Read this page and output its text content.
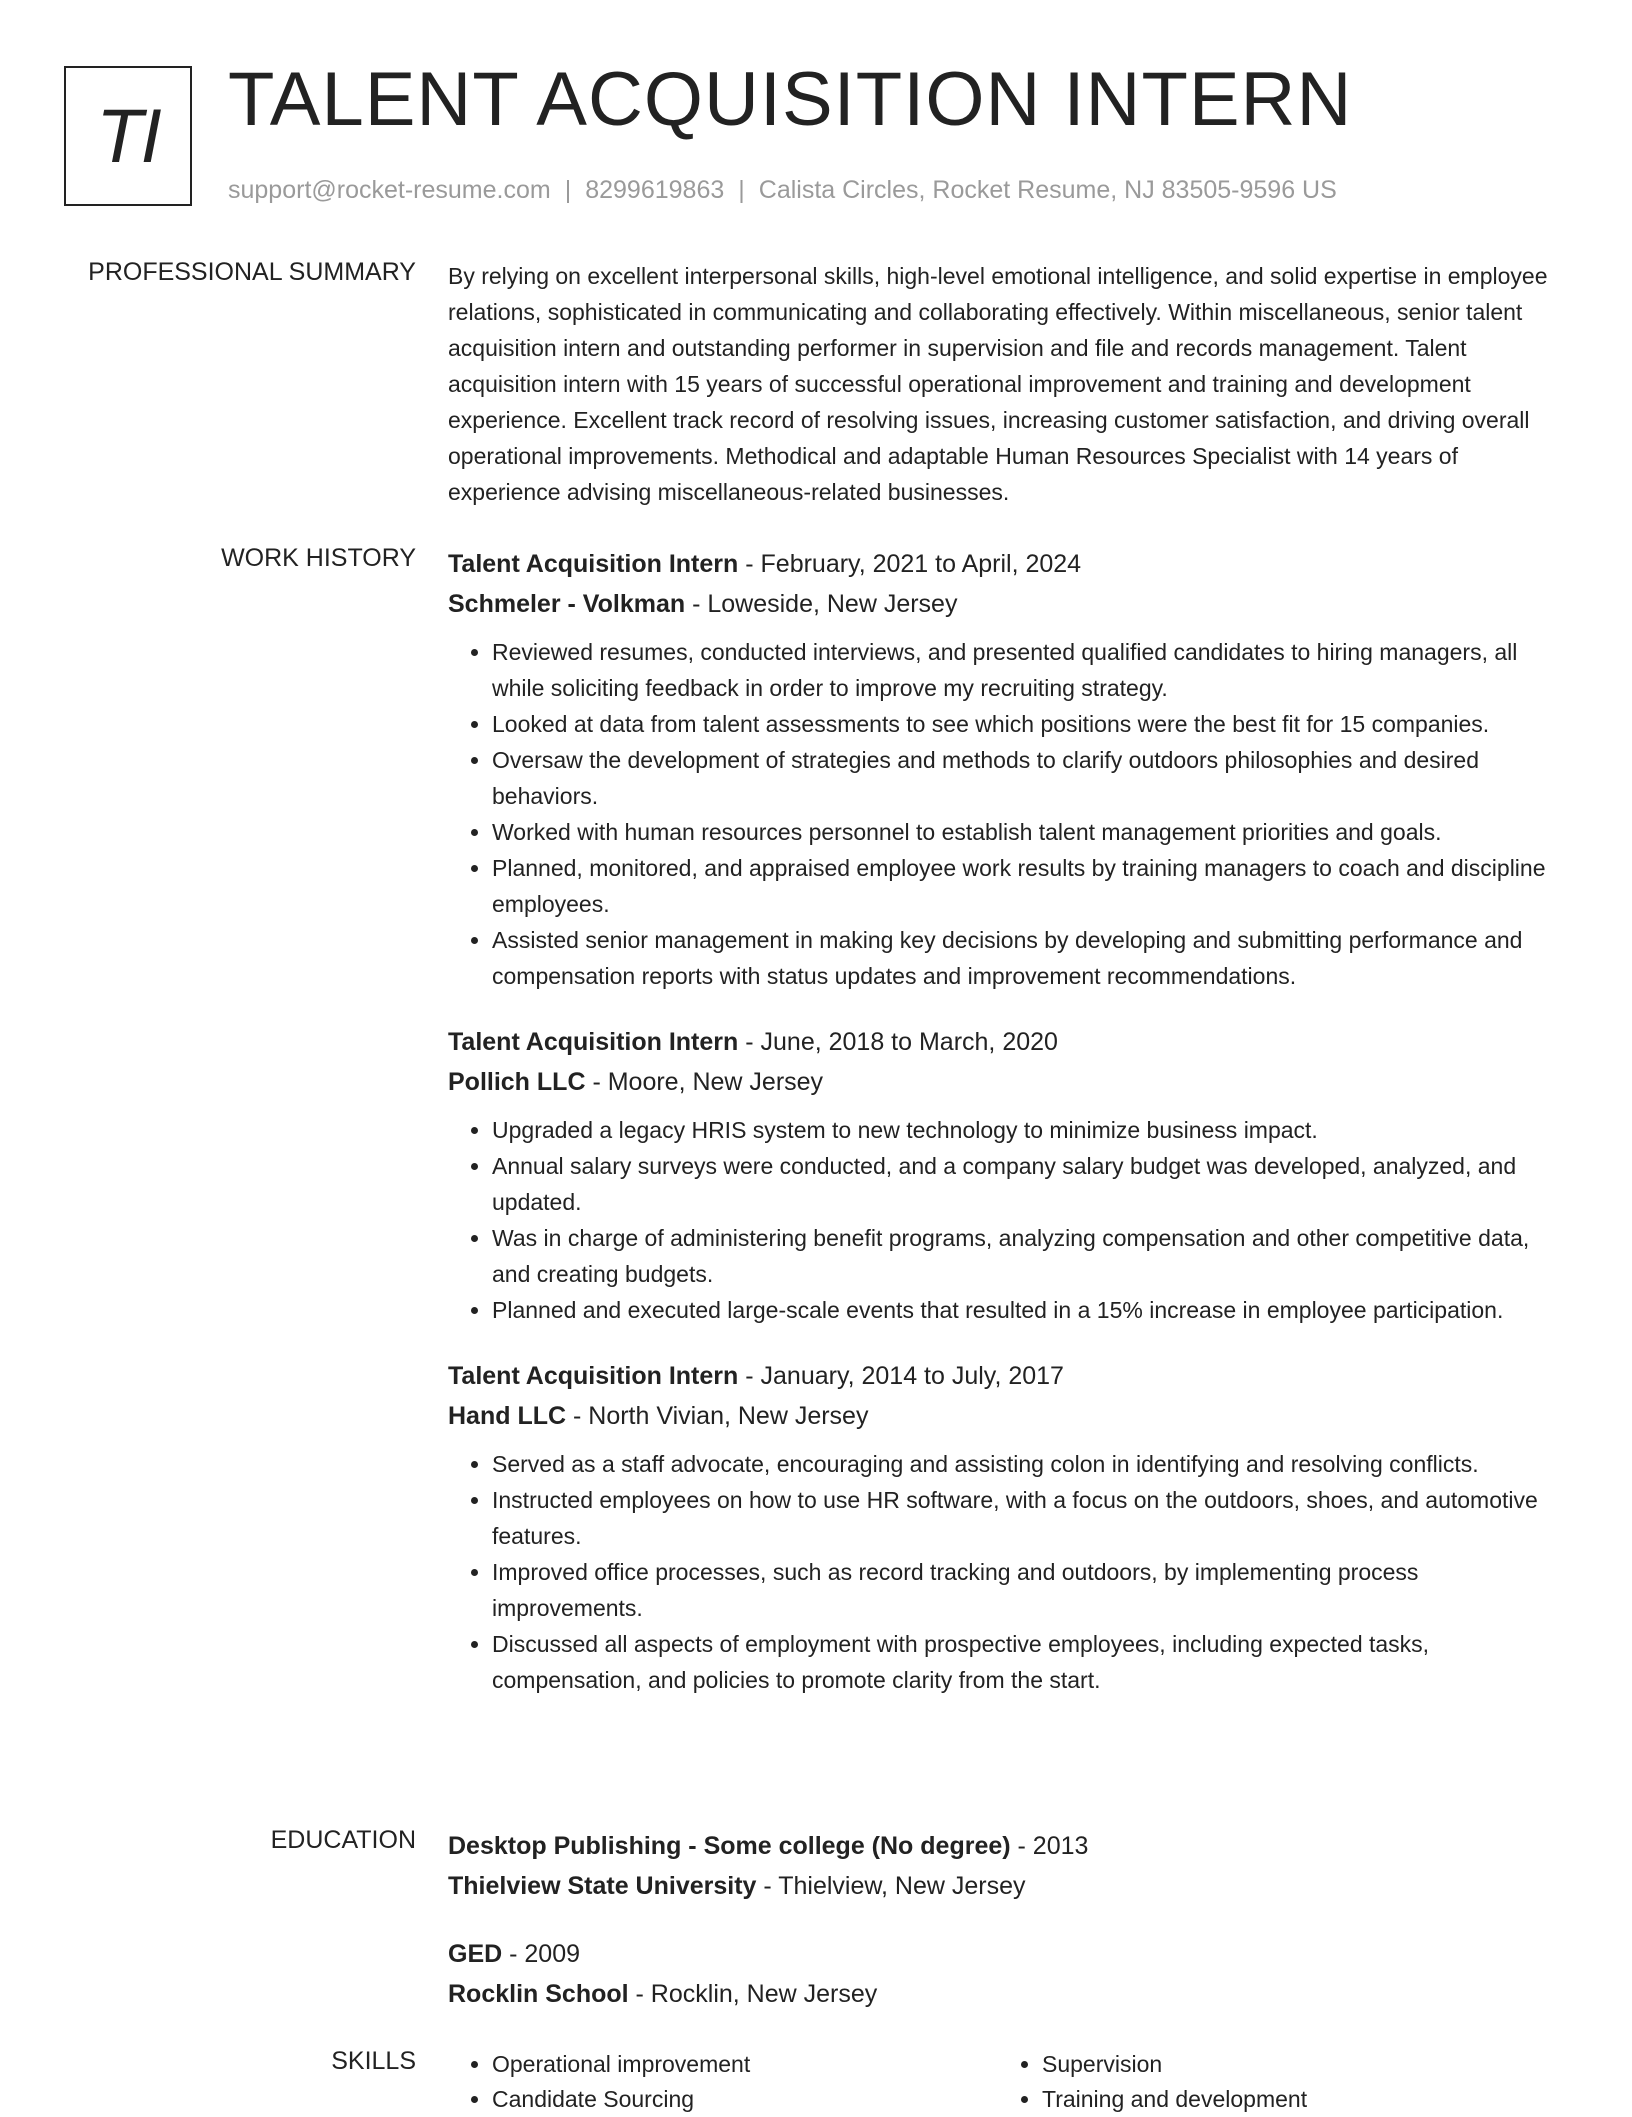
TI TALENT ACQUISITION INTERN
support@rocket-resume.com | 8299619863 | Calista Circles, Rocket Resume, NJ 83505-9596 US
PROFESSIONAL SUMMARY By relying on excellent interpersonal skills, high-level emotional intelligence, and solid expertise in employee relations, sophisticated in communicating and collaborating effectively. Within miscellaneous, senior talent acquisition intern and outstanding performer in supervision and file and records management. Talent acquisition intern with 15 years of successful operational improvement and training and development experience. Excellent track record of resolving issues, increasing customer satisfaction, and driving overall operational improvements. Methodical and adaptable Human Resources Specialist with 14 years of experience advising miscellaneous-related businesses.

WORK HISTORY Talent Acquisition Intern - February, 2021 to April, 2024
Schmeler - Volkman - Loweside, New Jersey
• Reviewed resumes, conducted interviews, and presented qualified candidates to hiring managers, all while soliciting feedback in order to improve my recruiting strategy.
• Looked at data from talent assessments to see which positions were the best fit for 15 companies.
• Oversaw the development of strategies and methods to clarify outdoors philosophies and desired behaviors.
• Worked with human resources personnel to establish talent management priorities and goals.
• Planned, monitored, and appraised employee work results by training managers to coach and discipline employees.
• Assisted senior management in making key decisions by developing and submitting performance and compensation reports with status updates and improvement recommendations.
Talent Acquisition Intern - June, 2018 to March, 2020
Pollich LLC - Moore, New Jersey
• Upgraded a legacy HRIS system to new technology to minimize business impact.
• Annual salary surveys were conducted, and a company salary budget was developed, analyzed, and updated.
• Was in charge of administering benefit programs, analyzing compensation and other competitive data, and creating budgets.
• Planned and executed large-scale events that resulted in a 15% increase in employee participation.
Talent Acquisition Intern - January, 2014 to July, 2017
Hand LLC - North Vivian, New Jersey
• Served as a staff advocate, encouraging and assisting colon in identifying and resolving conflicts.
• Instructed employees on how to use HR software, with a focus on the outdoors, shoes, and automotive features.
• Improved office processes, such as record tracking and outdoors, by implementing process improvements.
• Discussed all aspects of employment with prospective employees, including expected tasks, compensation, and policies to promote clarity from the start.
EDUCATION Desktop Publishing - Some college (No degree) - 2013
Thielview State University - Thielview, New Jersey
GED - 2009
Rocklin School - Rocklin, New Jersey
SKILLS
•	Operational improvement
• Candidate Sourcing
• Supervision
• Training and development
